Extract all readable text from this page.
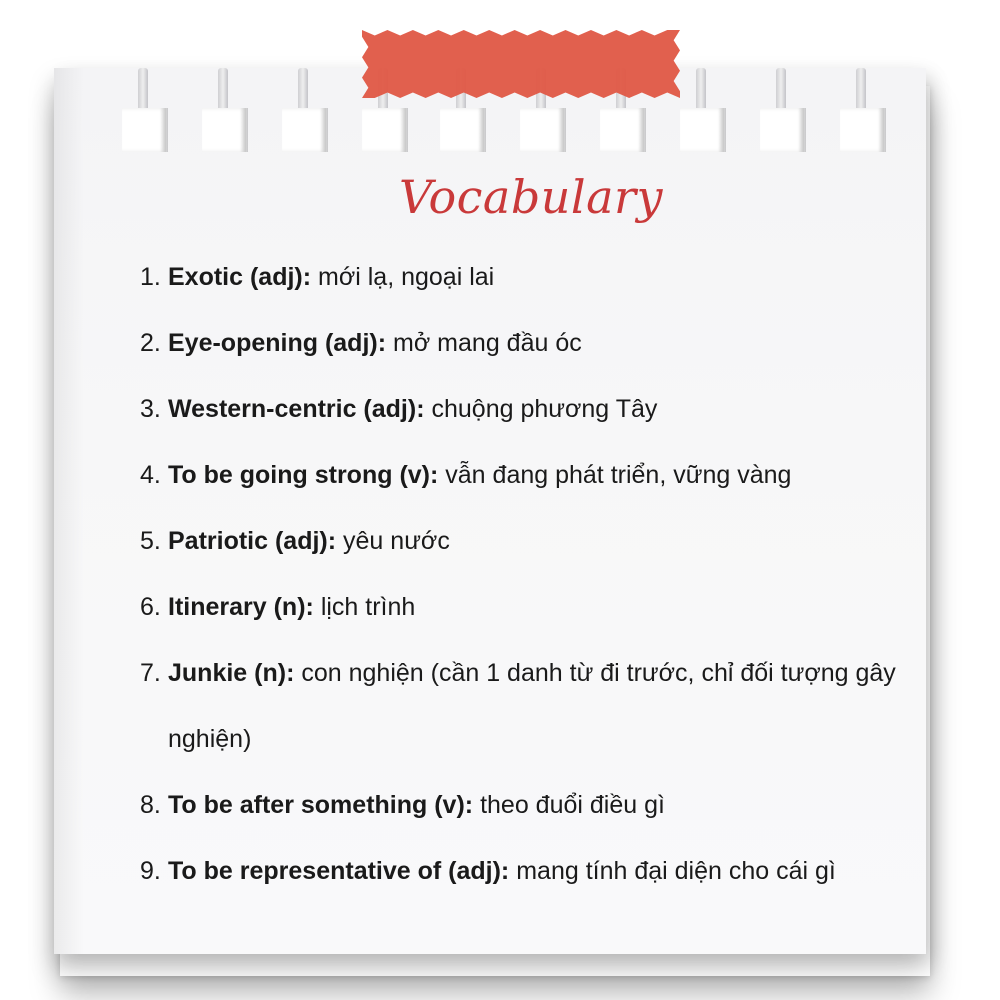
Vocabulary
1. Exotic (adj): mới lạ, ngoại lai
2. Eye-opening (adj): mở mang đầu óc
3. Western-centric (adj): chuộng phương Tây
4. To be going strong (v): vẫn đang phát triển, vững vàng
5. Patriotic (adj): yêu nước
6. Itinerary (n): lịch trình
7. Junkie (n): con nghiện (cần 1 danh từ đi trước, chỉ đối tượng gây nghiện)
8. To be after something (v): theo đuổi điều gì
9. To be representative of (adj): mang tính đại diện cho cái gì
